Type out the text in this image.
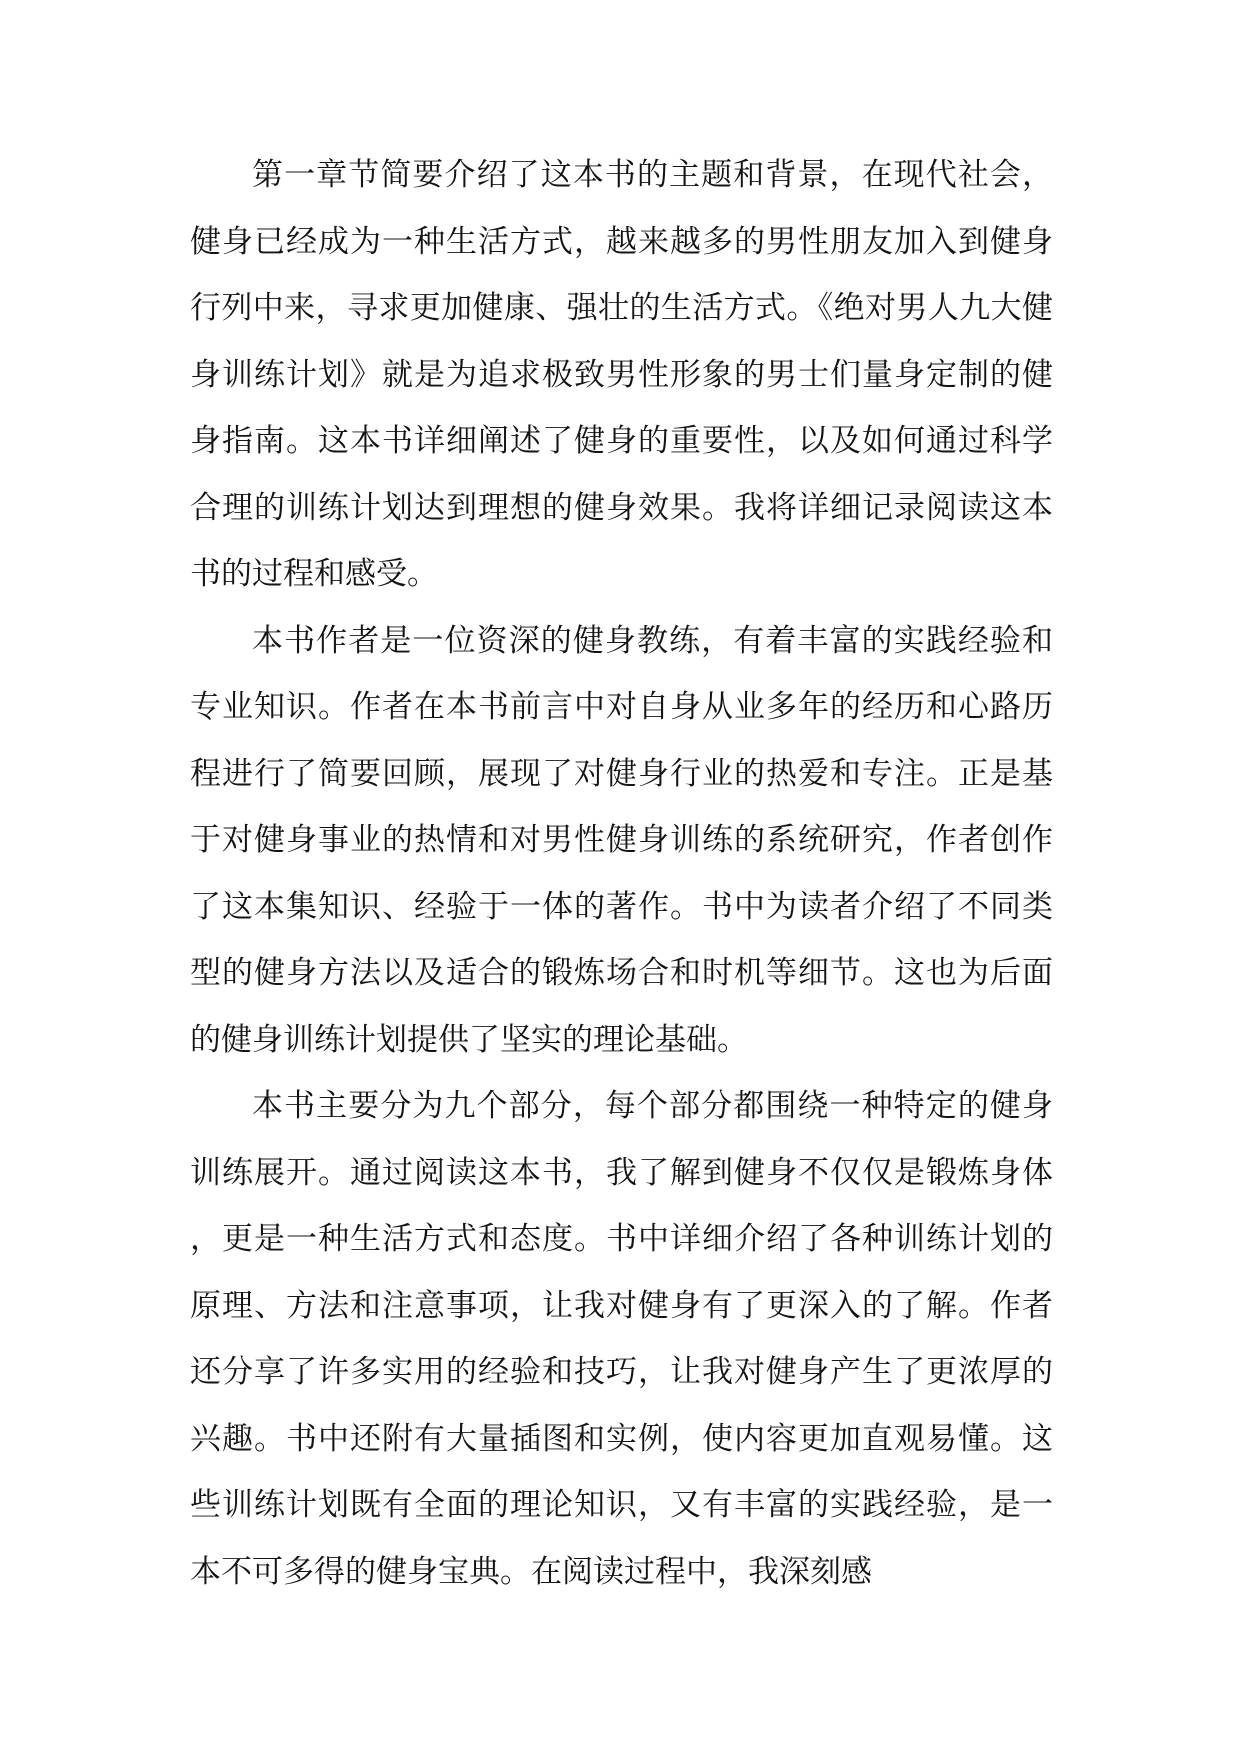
第一章节简要介绍了这本书的主题和背景，在现代社会，健身已经成为一种生活方式，越来越多的男性朋友加入到健身行列中来，寻求更加健康、强壮的生活方式。《绝对男人九大健身训练计划》就是为追求极致男性形象的男士们量身定制的健身指南。这本书详细阐述了健身的重要性，以及如何通过科学合理的训练计划达到理想的健身效果。我将详细记录阅读这本书的过程和感受。

本书作者是一位资深的健身教练，有着丰富的实践经验和专业知识。作者在本书前言中对自身从业多年的经历和心路历程进行了简要回顾，展现了对健身行业的热爱和专注。正是基于对健身事业的热情和对男性健身训练的系统研究，作者创作了这本集知识、经验于一体的著作。书中为读者介绍了不同类型的健身方法以及适合的锻炼场合和时机等细节。这也为后面的健身训练计划提供了坚实的理论基础。

本书主要分为九个部分，每个部分都围绕一种特定的健身训练展开。通过阅读这本书，我了解到健身不仅仅是锻炼身体，更是一种生活方式和态度。书中详细介绍了各种训练计划的原理、方法和注意事项，让我对健身有了更深入的了解。作者还分享了许多实用的经验和技巧，让我对健身产生了更浓厚的兴趣。书中还附有大量插图和实例，使内容更加直观易懂。这些训练计划既有全面的理论知识，又有丰富的实践经验，是一本不可多得的健身宝典。在阅读过程中，我深刻感
